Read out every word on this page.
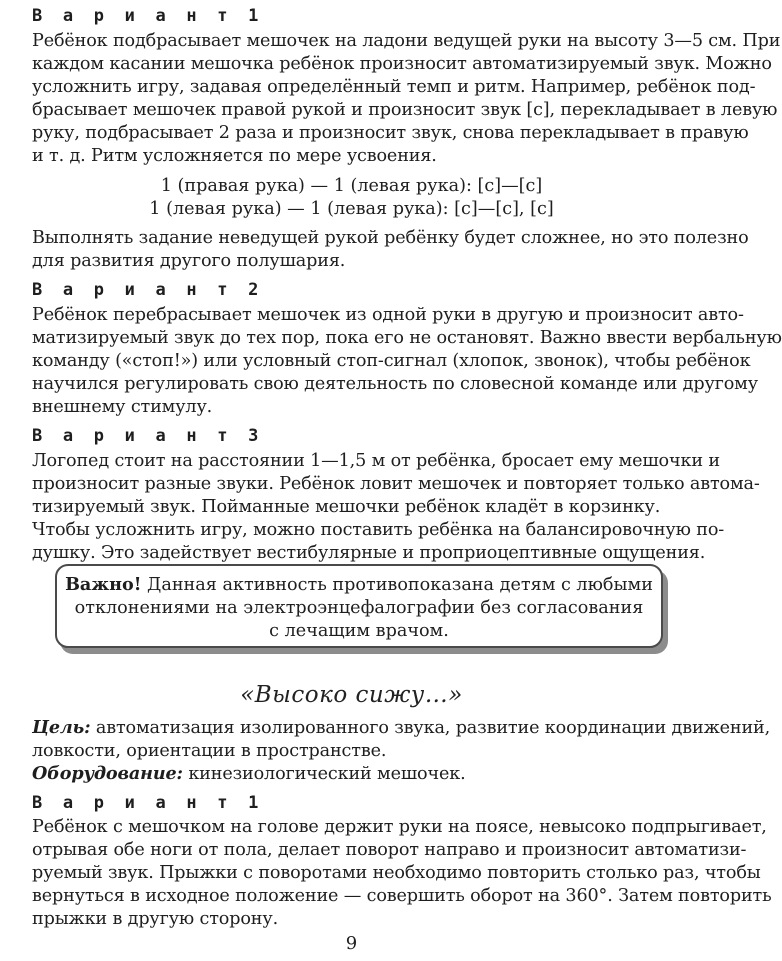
В а р и а н т 1
Ребёнок подбрасывает мешочек на ладони ведущей руки на высоту 3—5 см. При
каждом касании мешочка ребёнок произносит автоматизируемый звук. Можно
усложнить игру, задавая определённый темп и ритм. Например, ребёнок под-
брасывает мешочек правой рукой и произносит звук [с], перекладывает в левую
руку, подбрасывает 2 раза и произносит звук, снова перекладывает в правую
и т. д. Ритм усложняется по мере усвоения.
1 (правая рука) — 1 (левая рука): [с]—[с]
1 (левая рука) — 1 (левая рука): [с]—[с], [с]
Выполнять задание неведущей рукой ребёнку будет сложнее, но это полезно
для развития другого полушария.
В а р и а н т 2
Ребёнок перебрасывает мешочек из одной руки в другую и произносит авто-
матизируемый звук до тех пор, пока его не остановят. Важно ввести вербальную
команду («стоп!») или условный стоп-сигнал (хлопок, звонок), чтобы ребёнок
научился регулировать свою деятельность по словесной команде или другому
внешнему стимулу.
В а р и а н т 3
Логопед стоит на расстоянии 1—1,5 м от ребёнка, бросает ему мешочки и
произносит разные звуки. Ребёнок ловит мешочек и повторяет только автома-
тизируемый звук. Пойманные мешочки ребёнок кладёт в корзинку.
Чтобы усложнить игру, можно поставить ребёнка на балансировочную по-
душку. Это задействует вестибулярные и проприоцептивные ощущения.
Важно! Данная активность противопоказана детям с любыми
отклонениями на электроэнцефалографии без согласования
с лечащим врачом.
«Высоко сижу…»
Цель: автоматизация изолированного звука, развитие координации движений,
ловкости, ориентации в пространстве.
Оборудование: кинезиологический мешочек.
В а р и а н т 1
Ребёнок с мешочком на голове держит руки на поясе, невысоко подпрыгивает,
отрывая обе ноги от пола, делает поворот направо и произносит автоматизи-
руемый звук. Прыжки с поворотами необходимо повторить столько раз, чтобы
вернуться в исходное положение — совершить оборот на 360°. Затем повторить
прыжки в другую сторону.
9
